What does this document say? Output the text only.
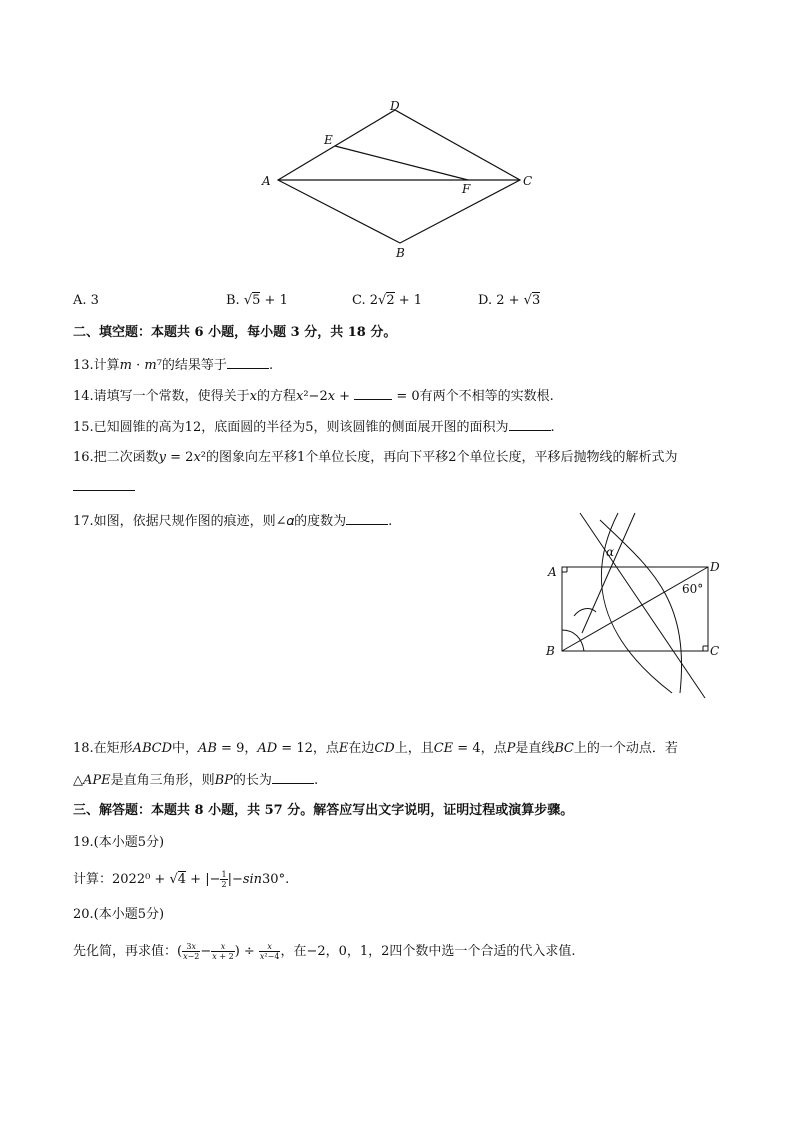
A
D
E
F
C
B
A. 3	B. √5 + 1	C. 2√2 + 1	D. 2 + √3
二、填空题：本题共 6 小题，每小题 3 分，共 18 分。
13.计算𝑚 · 𝑚⁷的结果等于	.
14.请填写一个常数，使得关于𝑥的方程𝑥²−2𝑥 +	= 0有两个不相等的实数根.
15.已知圆锥的高为12，底面圆的半径为5，则该圆锥的侧面展开图的面积为	.
16.把二次函数𝑦 = 2𝑥²的图象向左平移1个单位长度，再向下平移2个单位长度，平移后抛物线的解析式为
17.如图，依据尺规作图的痕迹，则∠𝛼的度数为	.
A	D
B	C
α
60°
18.在矩形𝐴𝐵𝐶𝐷中，𝐴𝐵 = 9，𝐴𝐷 = 12，点𝐸在边𝐶𝐷上，且𝐶𝐸 = 4，点𝑃是直线𝐵𝐶上的一个动点．若
△𝐴𝑃𝐸是直角三角形，则𝐵𝑃的长为	.
三、解答题：本题共 8 小题，共 57 分。解答应写出文字说明，证明过程或演算步骤。
19.(本小题5分)
计算：2022⁰ + √4 + |− $\frac{1}{2}$ |−𝑠𝑖𝑛30°.
20.(本小题5分)
先化简，再求值：( $\frac{\text{3𝑥}}{\text{𝑥−2}} - \frac{\text{𝑥}}{\text{𝑥 + 2}}$ ) ÷ $\frac{\text{𝑥}}{\text{𝑥²−4}}$ ，在−2，0，1，2四个数中选一个合适的代入求值.
